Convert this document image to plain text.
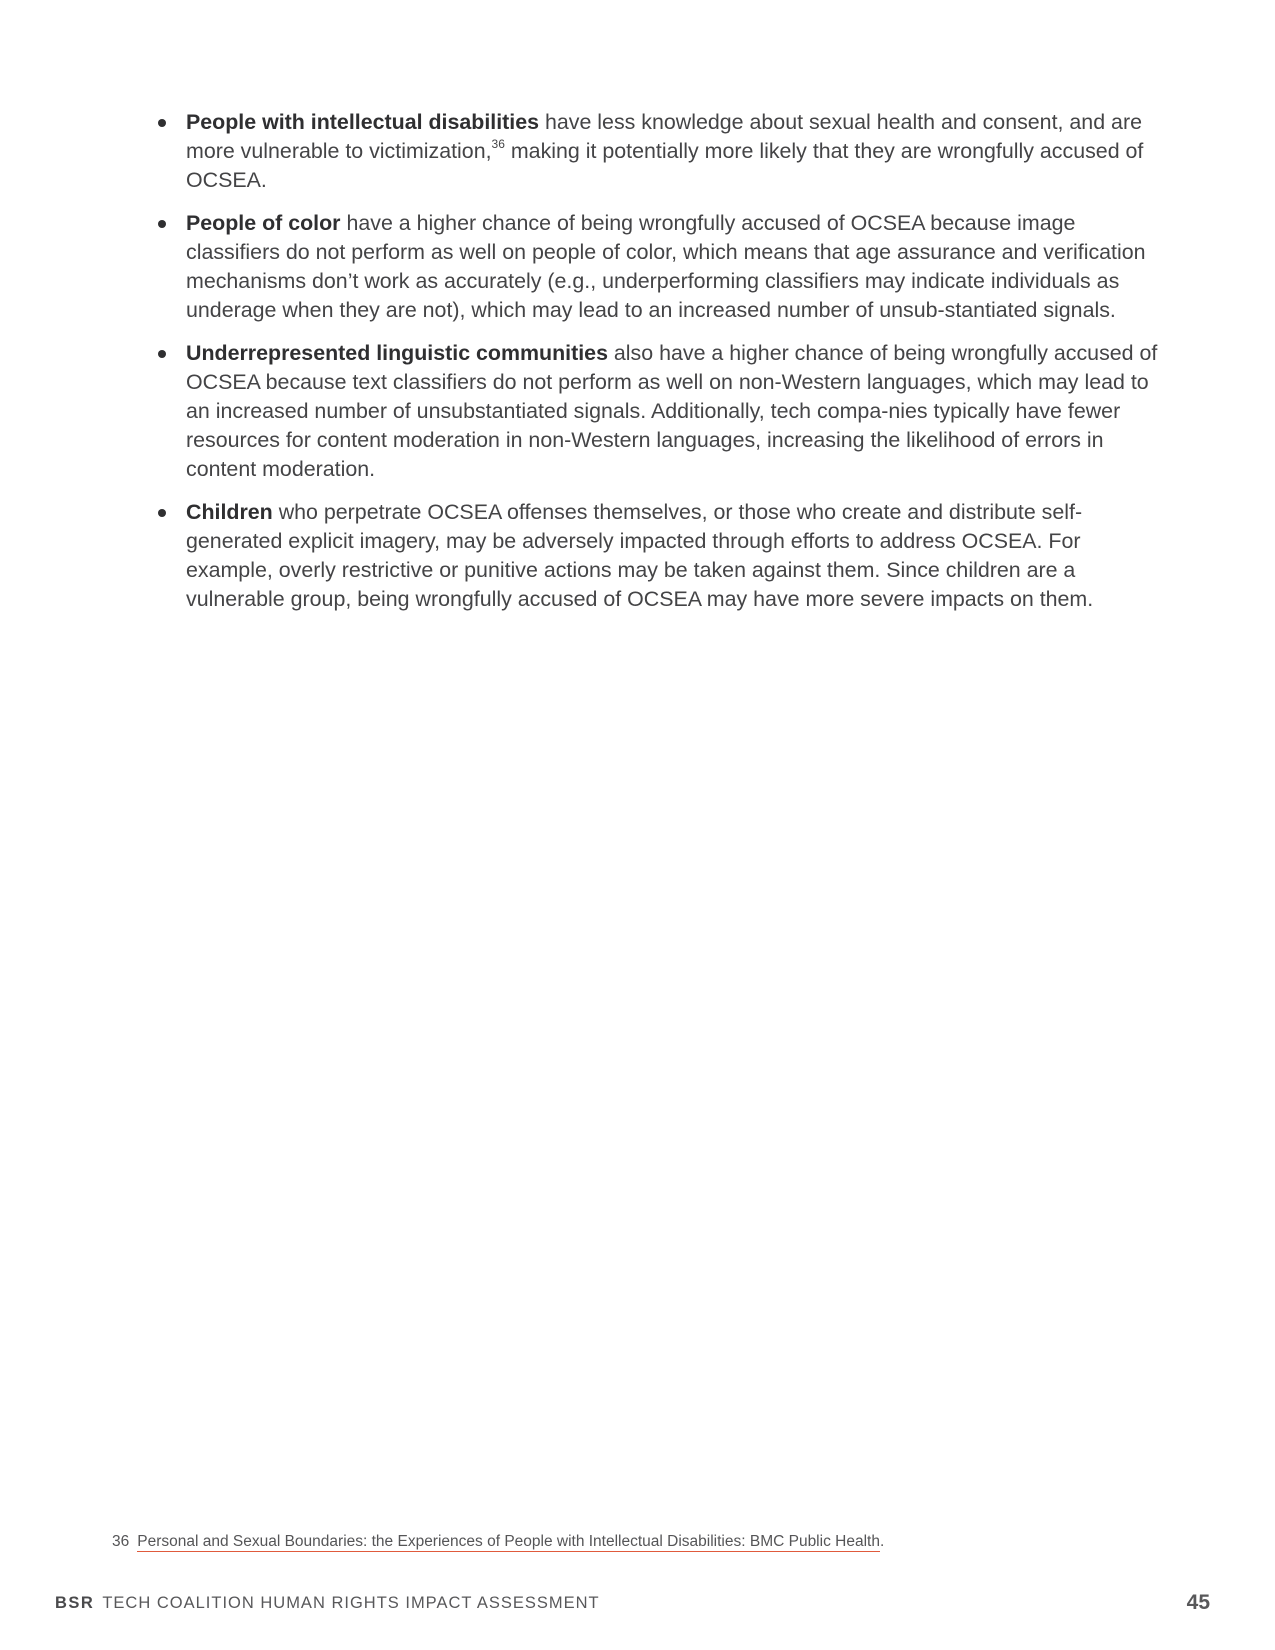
People with intellectual disabilities have less knowledge about sexual health and consent, and are more vulnerable to victimization,$^{36}$ making it potentially more likely that they are wrongfully accused of OCSEA.
People of color have a higher chance of being wrongfully accused of OCSEA because image classifiers do not perform as well on people of color, which means that age assurance and verification mechanisms don’t work as accurately (e.g., underperforming classifiers may indicate individuals as underage when they are not), which may lead to an increased number of unsub-stantiated signals.
Underrepresented linguistic communities also have a higher chance of being wrongfully accused of OCSEA because text classifiers do not perform as well on non-Western languages, which may lead to an increased number of unsubstantiated signals. Additionally, tech compa-nies typically have fewer resources for content moderation in non-Western languages, increasing the likelihood of errors in content moderation.
Children who perpetrate OCSEA offenses themselves, or those who create and distribute self-generated explicit imagery, may be adversely impacted through efforts to address OCSEA. For example, overly restrictive or punitive actions may be taken against them. Since children are a vulnerable group, being wrongfully accused of OCSEA may have more severe impacts on them.
36 Personal and Sexual Boundaries: the Experiences of People with Intellectual Disabilities: BMC Public Health.
BSR TECH COALITION HUMAN RIGHTS IMPACT ASSESSMENT	45
